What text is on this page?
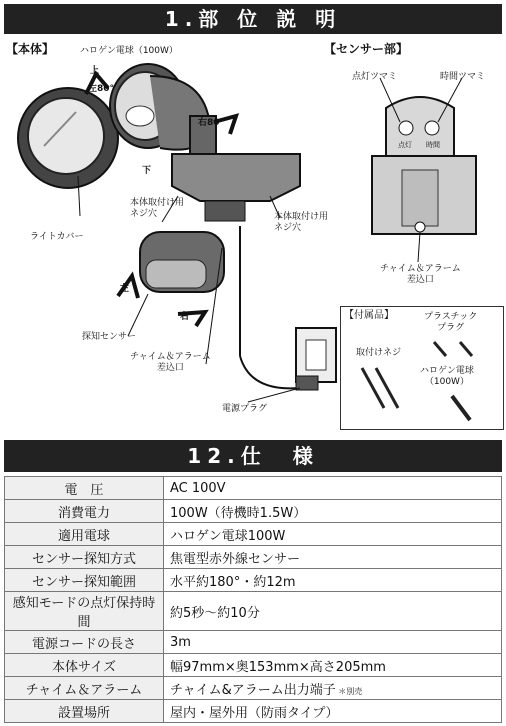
1.部 位 説 明
【本体】	【センサー部】
ハロゲン電球（100W）
左80°
右80°
上
下
ライトカバー
本体取付け用
ネジ穴	本体取付け用
ネジ穴
探知センサー
左
右
チャイム＆アラーム
差込口
電源プラグ
点灯ツマミ	時間ツマミ
点灯 時間
チャイム＆アラーム
差込口
【付属品】	プラスチック
プラグ
取付けネジ
ハロゲン電球
（100W）
12.仕　様
電　圧	AC 100V
消費電力	100W（待機時1.5W）
適用電球	ハロゲン電球100W
センサー探知方式	焦電型赤外線センサー
センサー探知範囲	水平約180°・約12m
感知モードの点灯保持時間	約5秒〜約10分
電源コードの長さ	3m
本体サイズ	幅97mm×奥153mm×高さ205mm
チャイム＆アラーム	チャイム&アラーム出力端子 ＊別売
設置場所	屋内・屋外用（防雨タイプ）
